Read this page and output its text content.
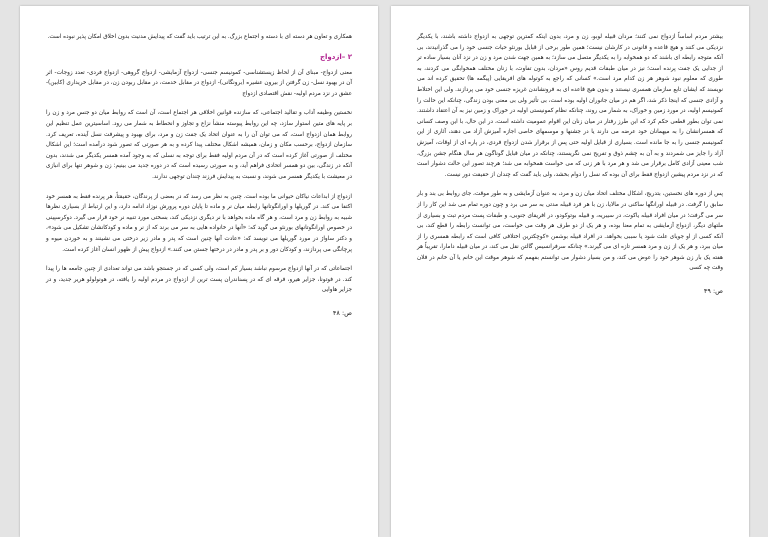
همکاری و تعاون هر دسته ای با دسته و اجتماع بزرگ. به این ترتیب باید گفت که پیدایش مدنیت بدون اخلاق امکان پذیر نبوده است.

۲ –ازدواج

معنی ازدواج- مبنای آن از لحاظ زیستشناسی- کمونیسم جنسی- ازدواج آزمایشی- ازدواج گروهی- ازدواج فردی- تعدد زوجات- اثر آن در بهبود نسل- زن گرفتن از بیرون عشیره (برونگانی)- ازدواج در مقابل خدمت، در مقابل ربودن زن، در مقابل خریداری (کابین)- عشق در نزد مردم اولیه- نقش اقتصادی ازدواج

نخستین وظیفه آداب و تقالید اجتماعی، که سازنده قوانین اخلاقی هر اجتماع است، آن است که روابط میان دو جنس مرد و زن را بر پایه های متین استوار سازد، چه این روابط پیوسته منشأ نزاع و تجاوز و انحطاط به شمار می رود. اساسیترین عمل تنظیم این روابط همان ازدواج است، که می توان آن را به عنوان اتحاد یک جفت زن و مرد، برای بهبود و پیشرفت نسل آینده، تعریف کرد. سازمان ازدواج، برحسب مکان و زمان، همیشه اشکال مختلف پیدا کرده و به هر صورتی که تصور شود درآمده است؛ این اشکال مختلف از صورتی آغاز کرده است که در آن مردم اولیه فقط برای توجه به نسلی که به وجود آمده همسر یکدیگر می شدند، بدون آنکه در زندگی، بین دو همسر اتحادی فراهم آید، و به صورتی رسیده است که در دوره جدید می بینیم: زن و شوهر تنها برای انبازی در معیشت با یکدیگر همسر می شوند، و نسبت به پیدایش فرزند چندان توجهی ندارند.

ازدواج از ابداعات نیاکان حیوانی ما بوده است. چنین به نظر می رسد که در بعضی از پرندگان، حقیقتاً، هر پرنده فقط به همسر خود اکتفا می کند. در گوریلها و اورانگوتانها رابطه میان نر و ماده تا پایان دوره پرورش نوزاد ادامه دارد، و این ارتباط از بسیاری نظرها شبیه به روابط زن و مرد است، و هر گاه ماده بخواهد با نر دیگری نزدیکی کند، بسختی مورد تنبیه نر خود قرار می گیرد. دوکرسپینی در خصوص اورانگوتانهای بورنئو می گوید که: «آنها در خانواده هایی به سر می برند که از نر و ماده و کودکانشان تشکیل می شود»، و دکتر ساواژ در مورد گوریلها می نویسد که: «عادت آنها چنین است که پدر و مادر زیر درختی می نشینند و به خوردن میوه و پرچانگی می پردازند، و کودکان دور و بر پدر و مادر در درختها جستن می کنند.» ازدواج پیش از ظهور انسان آغاز کرده است.

اجتماعاتی که در آنها ازدواج مرسوم نباشد بسیار کم است، ولی کسی که در جستجو باشد می تواند تعدادی از چنین جامعه ها را پیدا کند. در فوتونا، جزایر هیرو، فرقه ای که در پسناندران پست ترین از ازدواج در مردم اولیه را یافته، در هونولولو هریر جدید، و در جزایر هاوایی

ص: ۴۸

بیشتر مردم اساساً ازدواج نمی کنند؛ مردان قبیله لوبو، زن و مرد، بدون اینکه کمترین توجهی به ازدواج داشته باشند، با یکدیگر نزدیکی می کنند و هیچ قاعده و قانونی در کارشان نیست؛ همین طور برخی از قبایل بورنئو حیات جنسی خود را می گذرانیدند، بی آنکه متوجه رابطه ای باشند که دو همخوابه را به یکدیگر متصل می سازد؛ به همین جهت شدن مرد و زن در نزد آنان بسیار ساده تر از جدایی یک جفت پرنده است؛ نیز در میان طبقات قدیم روس «مردان، بدون تفاوت، با زنان مختلف همخوابگی می کردند، به طوری که معلوم نبود شوهر هر زن کدام مرد است.» کسانی که راجع به کوتوله های افریقایی (پیگمه ها) تحقیق کرده اند می نویسند که ایشان تابع سازمان همسری نیستند و بدون هیچ قاعده ای به فرونشاندن غریزه جنسی خود می پردازند. ولی این اختلاط و آزادی جنسی که اینجا ذکر شد، اگر هم در میان جانوران اولیه بوده است، بی تأثیر ولی بی معنی بودن زندگی، چنانکه این حالت را کمونیسم اولیه، در مورد زمین و خوراک، به شمار می روند، چنانکه نظام کمونیستی اولیه در خوراک و زمین نیز به آن اعتقاد داشتند. نمی توان بطور قطعی حکم کرد که این طرز رفتار در میان زنان این اقوام عمومیت داشته است، در این حال، با این وصف کسانی که همسرانشان را به میهمانان خود عرضه می دارند یا در جشنها و موسمهای خاصی اجازه آمیزش آزاد می دهند، آثاری از این کمونیسم جنسی را به جا مانده است. بسیاری از قبایل اولیه حتی پس از برقرار شدن ازدواج فردی، در پاره ای از اوقات، آمیزش آزاد را جایز می شمردند و به آن به چشم ذوق و تفریح نمی نگریستند، چنانکه در میان قبایل گوناگون هر سال هنگام جشن بزرگ، شب معینی آزادی کامل برقرار می شد و هر مرد با هر زنی که می خواست همخوابه می شد؛ هرچند تصور این حالت دشوار است که در نزد مردم پیشین ازدواج فقط برای آن بوده که نسل را دوام بخشد، ولی باید گفت که چندان از حقیقت دور نیست.

پس از دوره های نخستین، بتدریج، اشکال مختلف اتحاد میان زن و مرد، به عنوان آزمایشی و به طور موقت، جای روابط بی بند و بار سابق را گرفت. در قبیله اورانگها ساکنی در مالایا، زن با هر فرد قبیله مدتی به سر می برد و چون دوره تمام می شد این کار را از سر می گرفت؛ در میان افراد قبیله یاکوت، در سیبریه، و قبیله بوتوکودو، در افریقای جنوبی، و طبقات پست مردم تبت و بسیاری از ملتهای دیگر، ازدواج آزمایشی به تمام معنا بوده، و هر یک از دو طرف هر وقت می خواست، می توانست رابطه را قطع کند، بی آنکه کسی از او جویای علت شود یا سببی بخواهد. در افراد قبیله بوشمن «کوچکترین اختلافی کافی است که رابطه همسری را از میان ببرد، و هر یک از زن و مرد همسر تازه ای می گیرند.» چنانکه سرفرانسیس گالتن نقل می کند، در میان قبیله دامارا، تقریباً هر هفته یک بار زن شوهر خود را عوض می کند، و من بسیار دشوار می توانستم بفهمم که شوهر موقت این خانم یا آن خانم در فلان وقت چه کسی

ص: ۴۹
